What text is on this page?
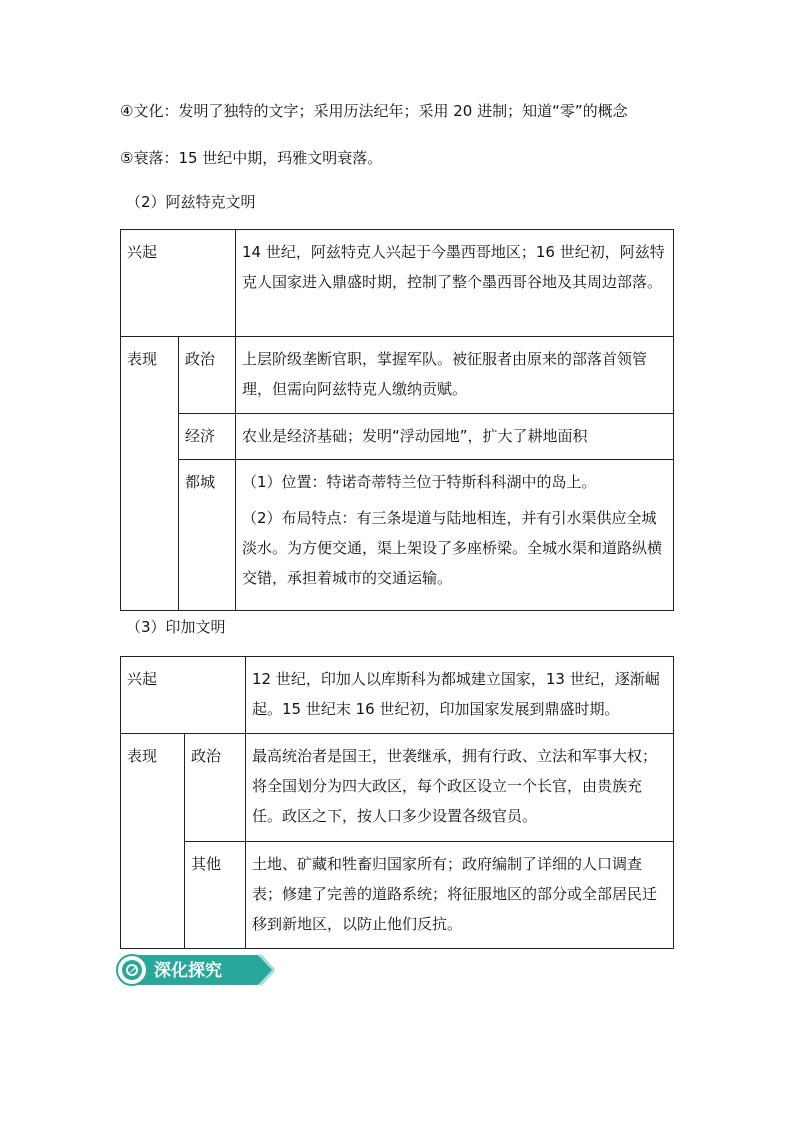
④文化：发明了独特的文字；采用历法纪年；采用 20 进制；知道“零”的概念
⑤衰落：15 世纪中期，玛雅文明衰落。
（2）阿兹特克文明
兴起		14 世纪，阿兹特克人兴起于今墨西哥地区；16 世纪初，阿兹特克人国家进入鼎盛时期，控制了整个墨西哥谷地及其周边部落。

表现	政治	上层阶级垄断官职，掌握军队。被征服者由原来的部落首领管理，但需向阿兹特克人缴纳贡赋。

	经济	农业是经济基础；发明“浮动园地”，扩大了耕地面积

	都城	（1）位置：特诺奇蒂特兰位于特斯科科湖中的岛上。

（2）布局特点：有三条堤道与陆地相连，并有引水渠供应全城淡水。为方便交通，渠上架设了多座桥梁。全城水渠和道路纵横交错，承担着城市的交通运输。

（3）印加文明
兴起		12 世纪，印加人以库斯科为都城建立国家，13 世纪，逐渐崛起。15 世纪末 16 世纪初，印加国家发展到鼎盛时期。

表现	政治	最高统治者是国王，世袭继承，拥有行政、立法和军事大权；将全国划分为四大政区，每个政区设立一个长官，由贵族充任。政区之下，按人口多少设置各级官员。

	其他	土地、矿藏和牲畜归国家所有；政府编制了详细的人口调查表；修建了完善的道路系统；将征服地区的部分或全部居民迁移到新地区，以防止他们反抗。
深化探究
